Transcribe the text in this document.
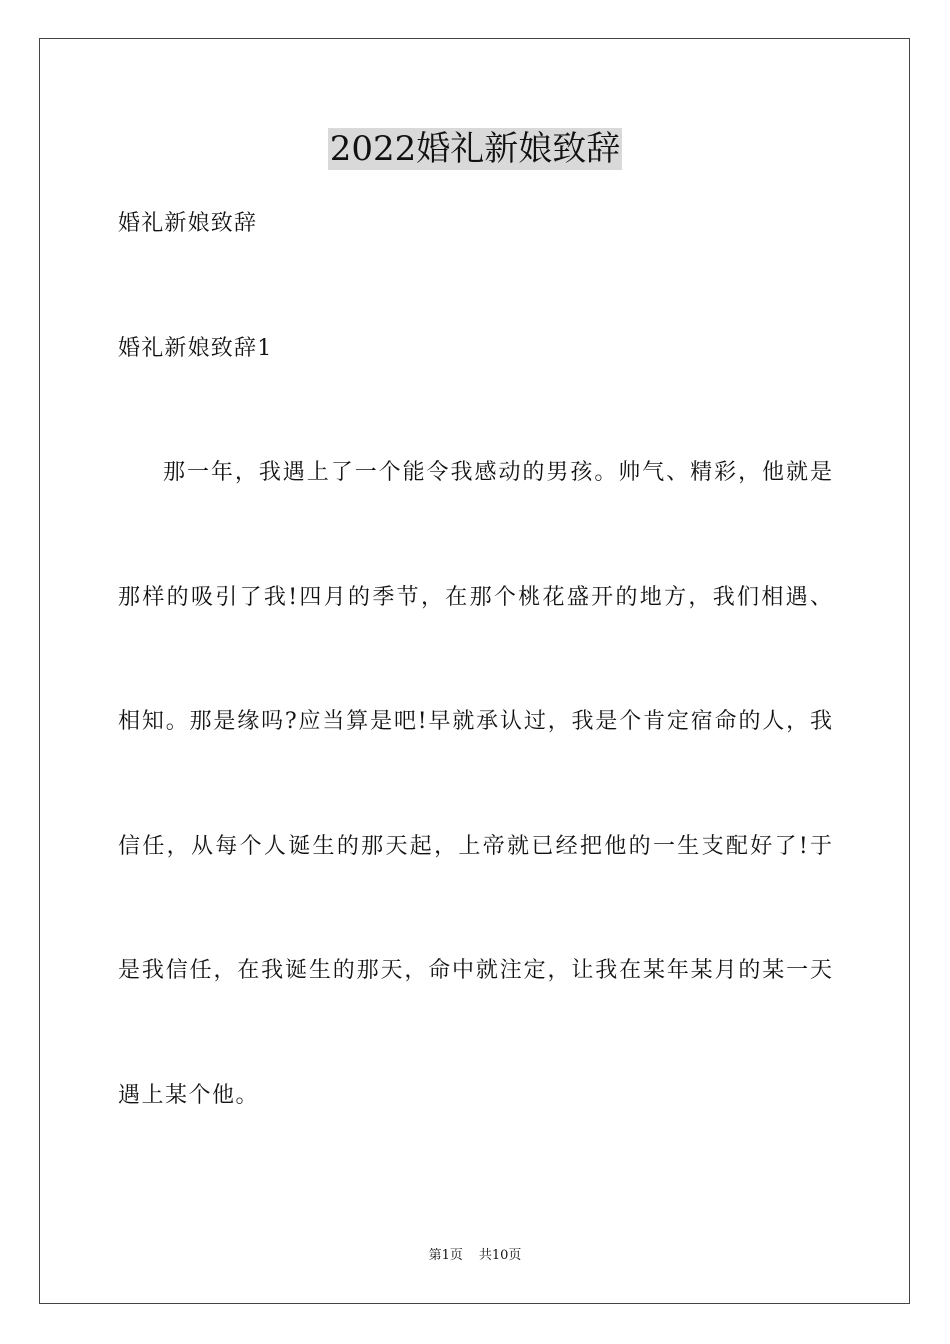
2022婚礼新娘致辞
婚礼新娘致辞
婚礼新娘致辞1
那一年，我遇上了一个能令我感动的男孩。帅气、精彩，他就是
那样的吸引了我!四月的季节，在那个桃花盛开的地方，我们相遇、
相知。那是缘吗?应当算是吧!早就承认过，我是个肯定宿命的人，我
信任，从每个人诞生的那天起，上帝就已经把他的一生支配好了!于
是我信任，在我诞生的那天，命中就注定，让我在某年某月的某一天
遇上某个他。
第1页 共10页
